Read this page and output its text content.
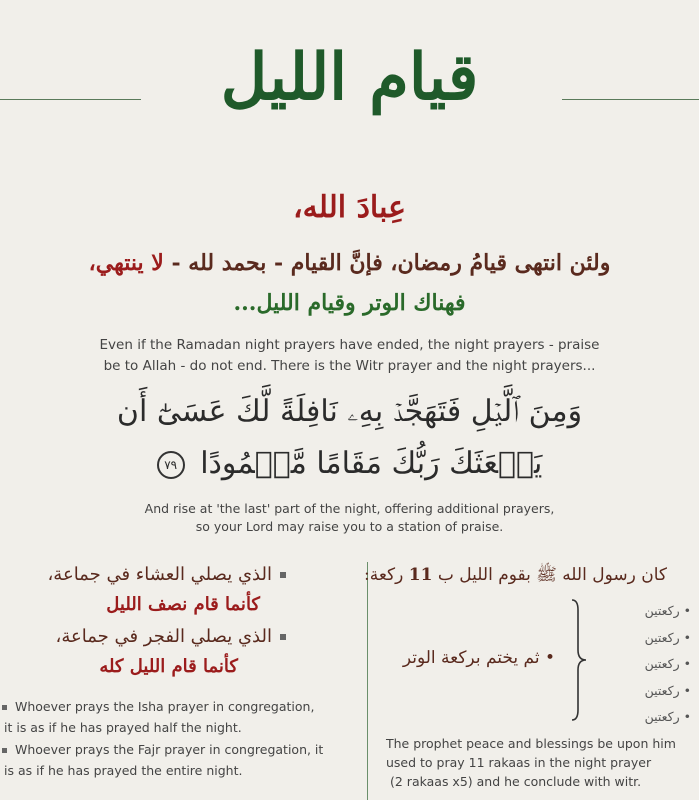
قيام الليل
عِبادَ الله،
ولئن انتهى قيامُ رمضان، فإنَّ القيام - بحمد لله - لا ينتهي،
فهناك الوتر وقيام الليل...
Even if the Ramadan night prayers have ended, the night prayers - praise
be to Allah - do not end. There is the Witr prayer and the night prayers...
وَمِنَ ٱلَّيۡلِ فَتَهَجَّدۡ بِهِۦ نَافِلَةً لَّكَ عَسَىٰٓ أَن
يَبۡعَثَكَ رَبُّكَ مَقَامًا مَّحۡمُودًا ٧٩
And rise at 'the last' part of the night, offering additional prayers,
so your Lord may raise you to a station of praise.
الذي يصلي العشاء في جماعة،
كأنما قام نصف الليل
الذي يصلي الفجر في جماعة،
كأنما قام الليل كله
Whoever prays the Isha prayer in congregation,
it is as if he has prayed half the night.
Whoever prays the Fajr prayer in congregation, it
is as if he has prayed the entire night.
كان رسول الله ﷺ بقوم الليل ب 11 ركعة:
• ركعتين
• ركعتين
• ركعتين
• ركعتين
• ركعتين
• ثم يختم بركعة الوتر
The prophet peace and blessings be upon him
used to pray 11 rakaas in the night prayer
(2 rakaas x5) and he conclude with witr.
